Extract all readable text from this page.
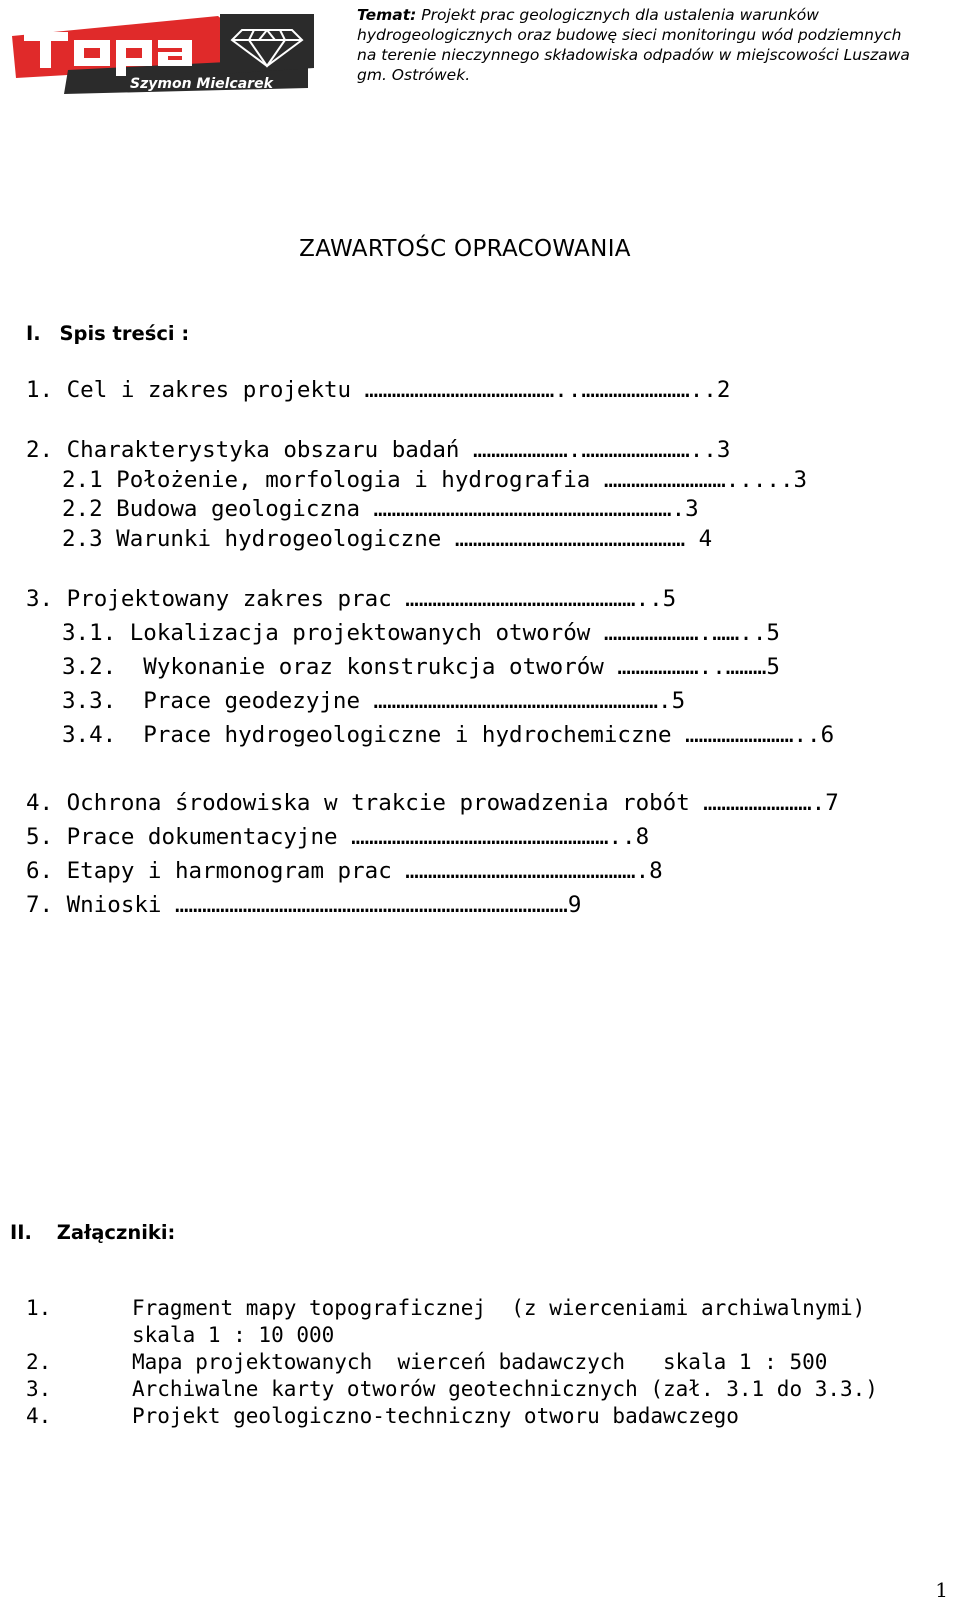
Szymon Mielcarek
Temat: Projekt prac geologicznych dla ustalenia warunków
hydrogeologicznych oraz budowę sieci monitoringu wód podziemnych
na terenie nieczynnego składowiska odpadów w miejscowości Luszawa
gm. Ostrówek.
ZAWARTOŚC OPRACOWANIA
I. Spis treści :
1. Cel i zakres projektu ……………………………………..……………………..2
2. Charakterystyka obszaru badań ………………….……………………..3
2.1 Położenie, morfologia i hydrografia ……………………….....3
2.2 Budowa geologiczna ………………………………………………………….3
2.3 Warunki hydrogeologiczne …………………………………………… 4
3. Projektowany zakres prac ……………………………………………..5
3.1. Lokalizacja projektowanych otworów ………………….……..5
3.2.  Wykonanie oraz konstrukcja otworów ………………..………5
3.3.  Prace geodezyjne ……………………………………………………….5
3.4.  Prace hydrogeologiczne i hydrochemiczne ……………………..6
4. Ochrona środowiska w trakcie prowadzenia robót …………………….7
5. Prace dokumentacyjne …………………………………………………..8
6. Etapy i harmonogram prac …………………………………………….8
7. Wnioski ……………………………………………………………………………9
II. Załączniki:
1.	Fragment mapy topograficznej  (z wierceniami archiwalnymi)
skala 1 : 10 000
2.	Mapa projektowanych  wierceń badawczych   skala 1 : 500
3.	Archiwalne karty otworów geotechnicznych (zał. 3.1 do 3.3.)
4.	Projekt geologiczno-techniczny otworu badawczego
1
